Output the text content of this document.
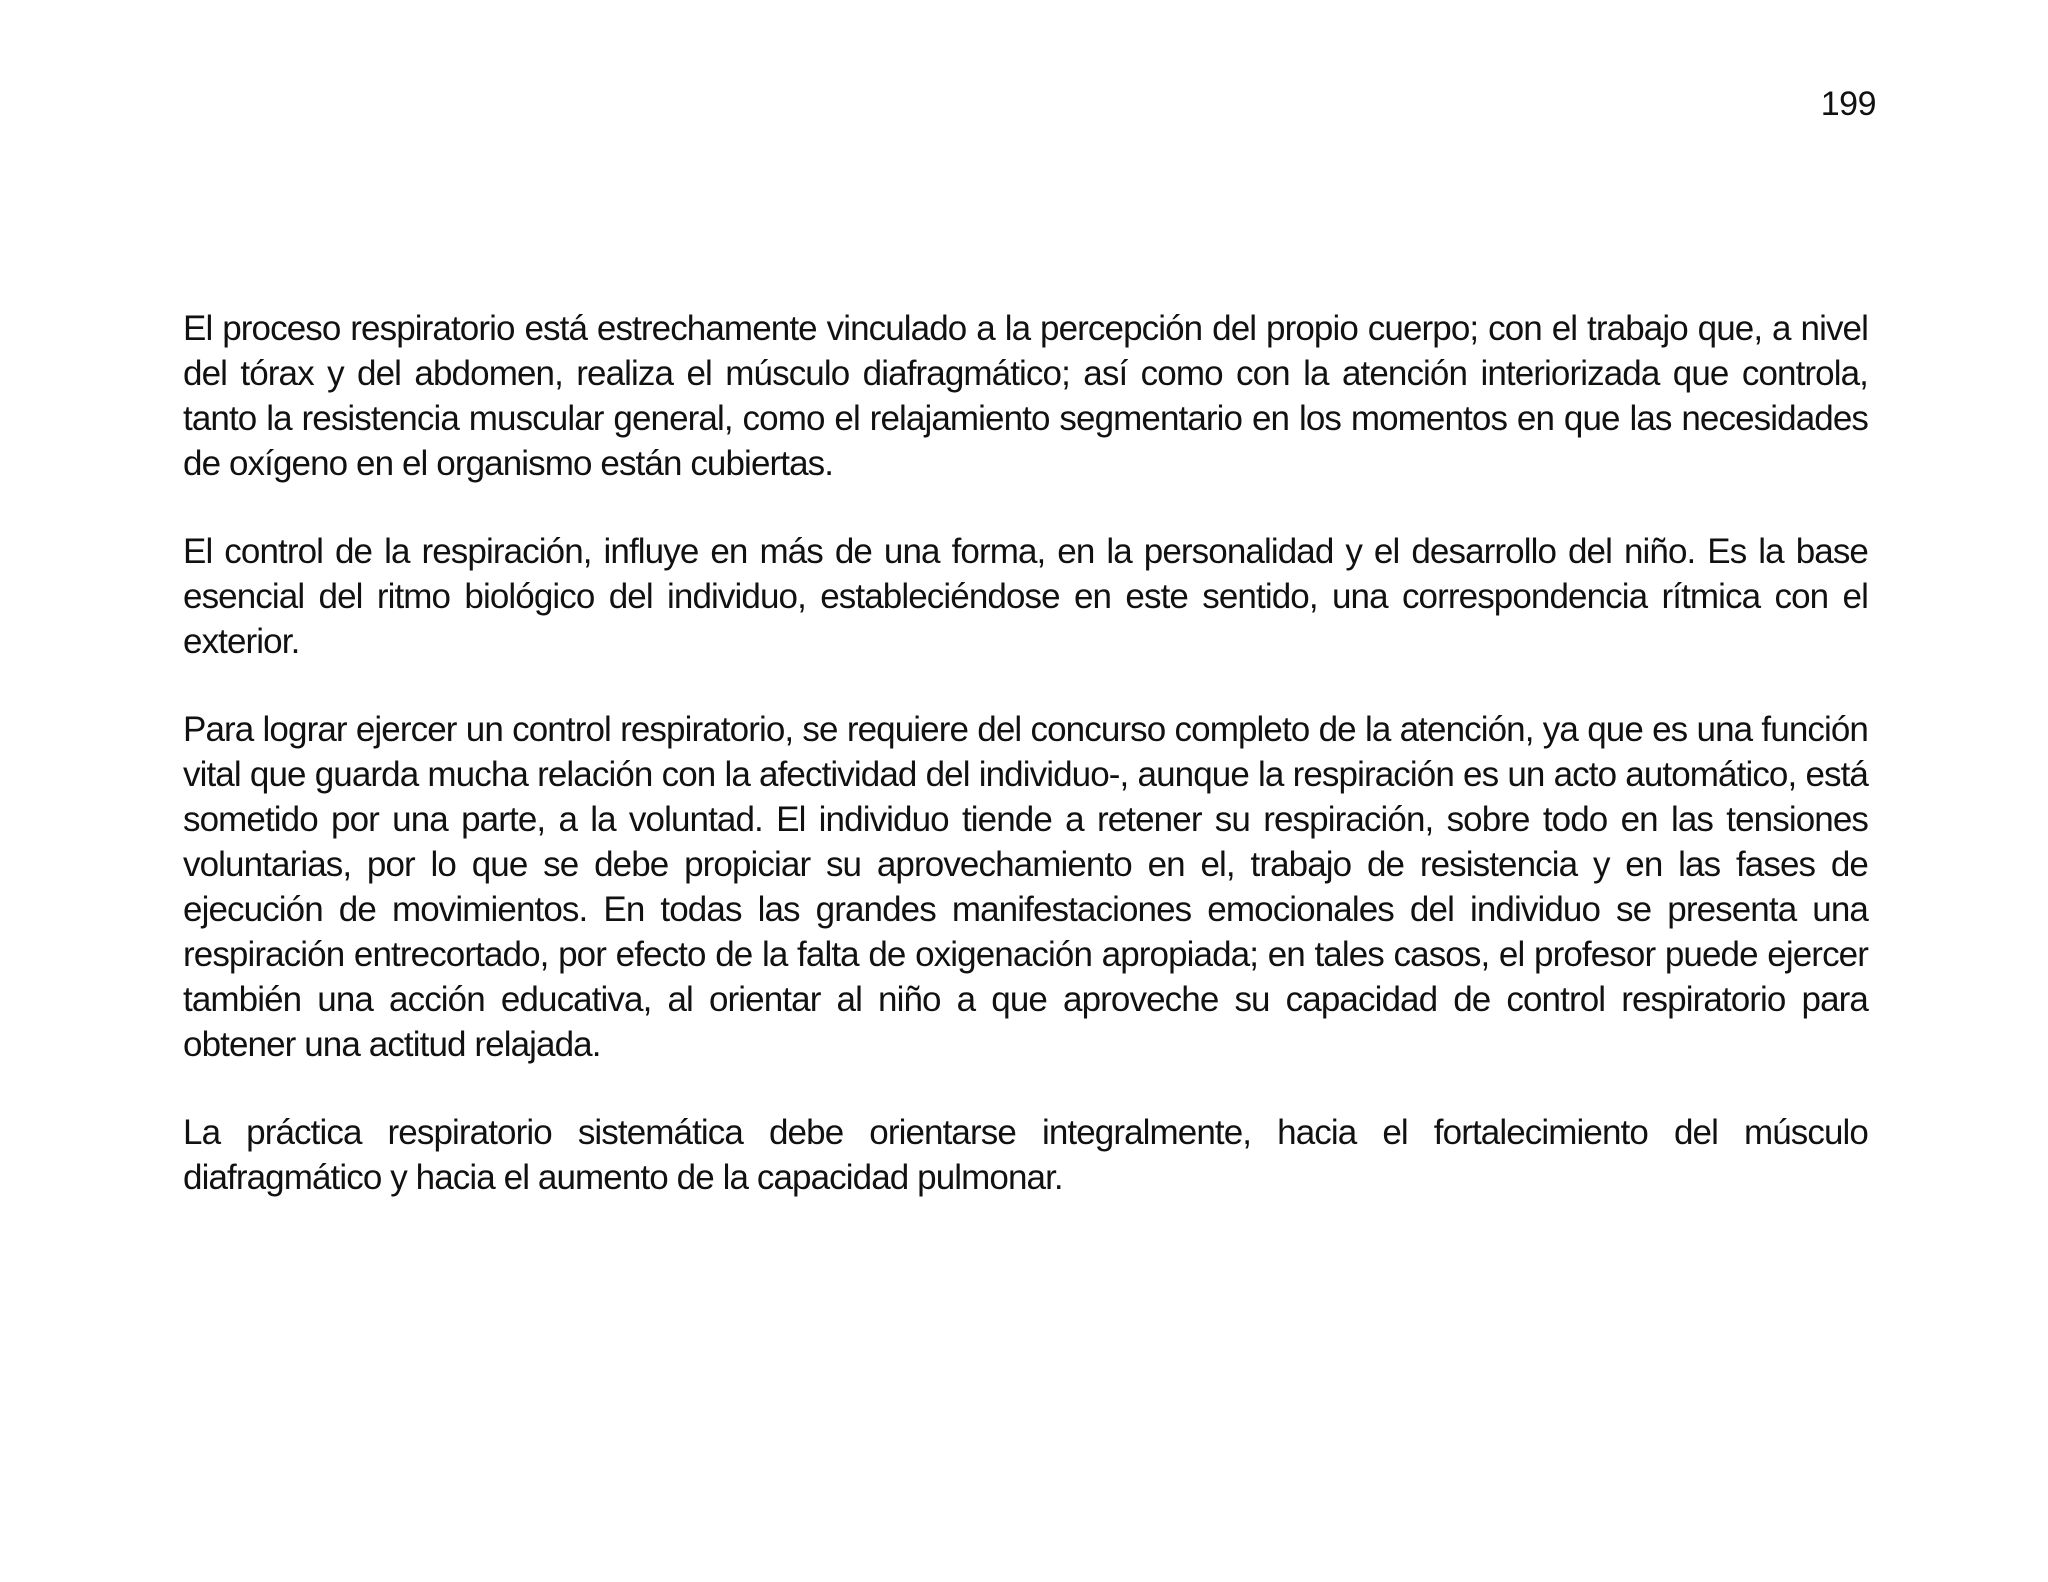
199

El proceso respiratorio está estrechamente vinculado a la percepción del propio cuerpo; con el trabajo que, a nivel del tórax y del abdomen, realiza el músculo diafragmático; así como con la atención interiorizada que controla, tanto la resistencia muscular general, como el relajamiento segmentario en los momentos en que las necesidades de oxígeno en el organismo están cubiertas.

El control de la respiración, influye en más de una forma, en la personalidad y el desarrollo del niño. Es la base esencial del ritmo biológico del individuo, estableciéndose en este sentido, una correspondencia rítmica con el exterior.

Para lograr ejercer un control respiratorio, se requiere del concurso completo de la atención, ya que es una función vital que guarda mucha relación con la afectividad del individuo-, aunque la respiración es un acto automático, está sometido por una parte, a la voluntad. El individuo tiende a retener su respiración, sobre todo en las tensiones voluntarias, por lo que se debe propiciar su aprovechamiento en el, trabajo de resistencia y en las fases de ejecución de movimientos. En todas las grandes manifestaciones emocionales del individuo se presenta una respiración entrecortado, por efecto de la falta de oxigenación apropiada; en tales casos, el profesor puede ejercer también una acción educativa, al orientar al niño a que aproveche su capacidad de control respiratorio para obtener una actitud relajada.

La práctica respiratorio sistemática debe orientarse integralmente, hacia el fortalecimiento del músculo diafragmático y hacia el aumento de la capacidad pulmonar.
